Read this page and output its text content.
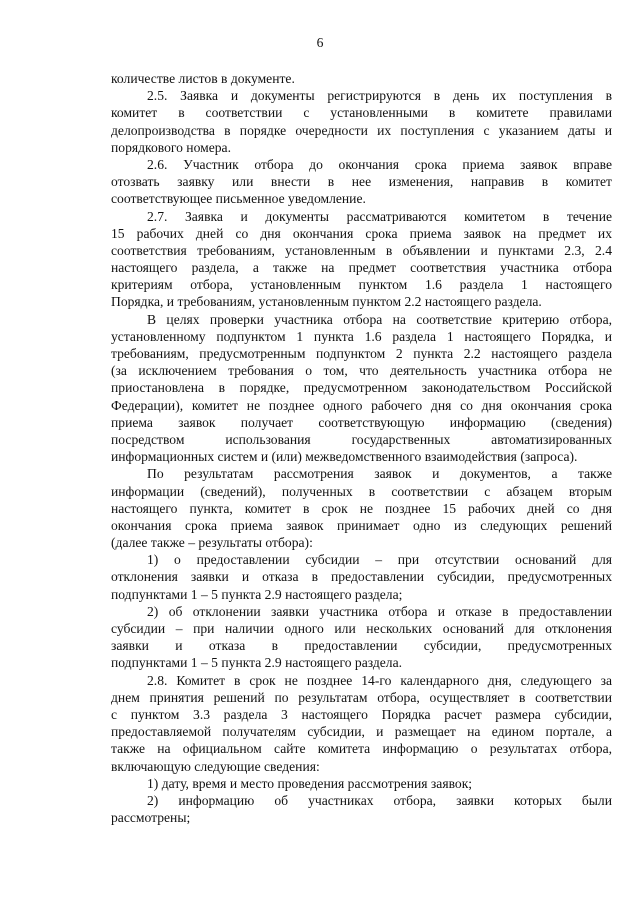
6
количестве листов в документе.
2.5. Заявка и документы регистрируются в день их поступления в
комитет в соответствии с установленными в комитете правилами
делопроизводства в порядке очередности их поступления с указанием даты и
порядкового номера.
2.6. Участник отбора до окончания срока приема заявок вправе
отозвать заявку или внести в нее изменения, направив в комитет
соответствующее письменное уведомление.
2.7. Заявка и документы рассматриваются комитетом в течение
15 рабочих дней со дня окончания срока приема заявок на предмет их
соответствия требованиям, установленным в объявлении и пунктами 2.3, 2.4
настоящего раздела, а также на предмет соответствия участника отбора
критериям отбора, установленным пунктом 1.6 раздела 1 настоящего
Порядка, и требованиям, установленным пунктом 2.2 настоящего раздела.
В целях проверки участника отбора на соответствие критерию отбора,
установленному подпунктом 1 пункта 1.6 раздела 1 настоящего Порядка, и
требованиям, предусмотренным подпунктом 2 пункта 2.2 настоящего раздела
(за исключением требования о том, что деятельность участника отбора не
приостановлена в порядке, предусмотренном законодательством Российской
Федерации), комитет не позднее одного рабочего дня со дня окончания срока
приема заявок получает соответствующую информацию (сведения)
посредством использования государственных автоматизированных
информационных систем и (или) межведомственного взаимодействия (запроса).
По результатам рассмотрения заявок и документов, а также
информации (сведений), полученных в соответствии с абзацем вторым
настоящего пункта, комитет в срок не позднее 15 рабочих дней со дня
окончания срока приема заявок принимает одно из следующих решений
(далее также – результаты отбора):
1) о предоставлении субсидии – при отсутствии оснований для
отклонения заявки и отказа в предоставлении субсидии, предусмотренных
подпунктами 1 – 5 пункта 2.9 настоящего раздела;
2) об отклонении заявки участника отбора и отказе в предоставлении
субсидии – при наличии одного или нескольких оснований для отклонения
заявки и отказа в предоставлении субсидии, предусмотренных
подпунктами 1 – 5 пункта 2.9 настоящего раздела.
2.8. Комитет в срок не позднее 14-го календарного дня, следующего за
днем принятия решений по результатам отбора, осуществляет в соответствии
с пунктом 3.3 раздела 3 настоящего Порядка расчет размера субсидии,
предоставляемой получателям субсидии, и размещает на едином портале, а
также на официальном сайте комитета информацию о результатах отбора,
включающую следующие сведения:
1) дату, время и место проведения рассмотрения заявок;
2) информацию об участниках отбора, заявки которых были
рассмотрены;
